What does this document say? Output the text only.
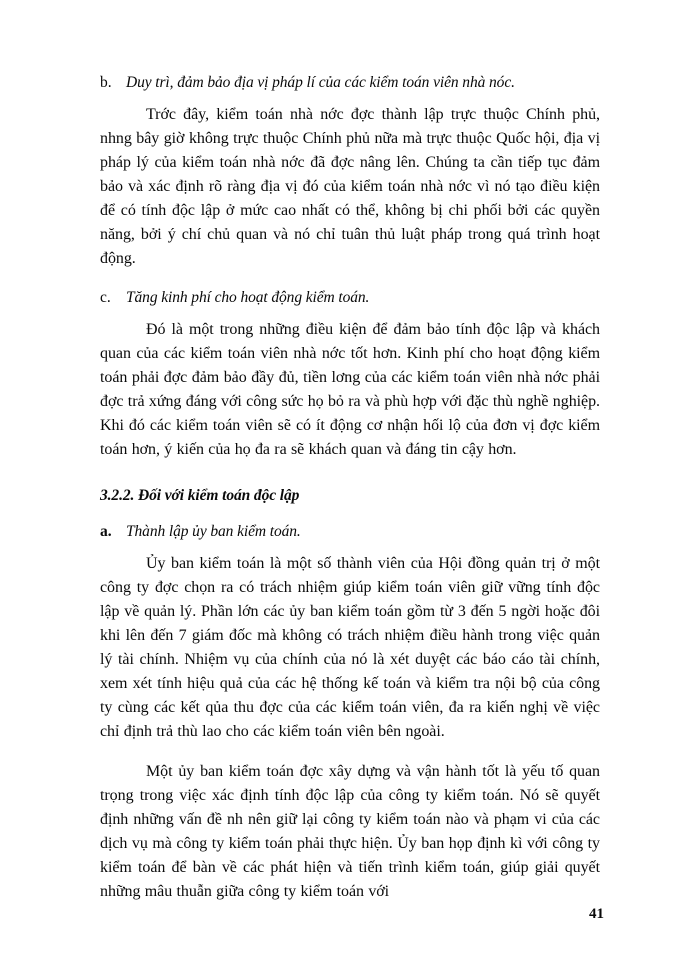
b. Duy trì, đảm bảo địa vị pháp lí của các kiểm toán viên nhà nóc.

Trớc đây, kiểm toán nhà nớc đợc thành lập trực thuộc Chính phủ, nhng bây giờ không trực thuộc Chính phủ nữa mà trực thuộc Quốc hội, địa vị pháp lý của kiểm toán nhà nớc đã đợc nâng lên. Chúng ta cần tiếp tục đảm bảo và xác định rõ ràng địa vị đó của kiểm toán nhà nớc vì nó tạo điều kiện để có tính độc lập ở mức cao nhất có thể, không bị chi phối bởi các quyền năng, bởi ý chí chủ quan và nó chỉ tuân thủ luật pháp trong quá trình hoạt động.

c. Tăng kinh phí cho hoạt động kiểm toán.

Đó là một trong những điều kiện để đảm bảo tính độc lập và khách quan của các kiểm toán viên nhà nớc tốt hơn. Kinh phí cho hoạt động kiểm toán phải đợc đảm bảo đầy đủ, tiền lơng của các kiểm toán viên nhà nớc phải đợc trả xứng đáng với công sức họ bỏ ra và phù hợp với đặc thù nghề nghiệp. Khi đó các kiểm toán viên sẽ có ít động cơ nhận hối lộ của đơn vị đợc kiểm toán hơn, ý kiến của họ đa ra sẽ khách quan và đáng tin cậy hơn.

3.2.2. Đối với kiểm toán độc lập
a. Thành lập ủy ban kiểm toán.

Ủy ban kiểm toán là một số thành viên của Hội đồng quản trị ở một công ty đợc chọn ra có trách nhiệm giúp kiểm toán viên giữ vững tính độc lập về quản lý. Phần lớn các ủy ban kiểm toán gồm từ 3 đến 5 ngời hoặc đôi khi lên đến 7 giám đốc mà không có trách nhiệm điều hành trong việc quản lý tài chính. Nhiệm vụ của chính của nó là xét duyệt các báo cáo tài chính, xem xét tính hiệu quả của các hệ thống kế toán và kiểm tra nội bộ của công ty cùng các kết qủa thu đợc của các kiểm toán viên, đa ra kiến nghị về việc chỉ định trả thù lao cho các kiểm toán viên bên ngoài.

Một ủy ban kiểm toán đợc xây dựng và vận hành tốt là yếu tố quan trọng trong việc xác định tính độc lập của công ty kiểm toán. Nó sẽ quyết định những vấn đề nh nên giữ lại công ty kiểm toán nào và phạm vi của các dịch vụ mà công ty kiểm toán phải thực hiện. Ủy ban họp định kì với công ty kiểm toán để bàn về các phát hiện và tiến trình kiểm toán, giúp giải quyết những mâu thuẫn giữa công ty kiểm toán với

41
